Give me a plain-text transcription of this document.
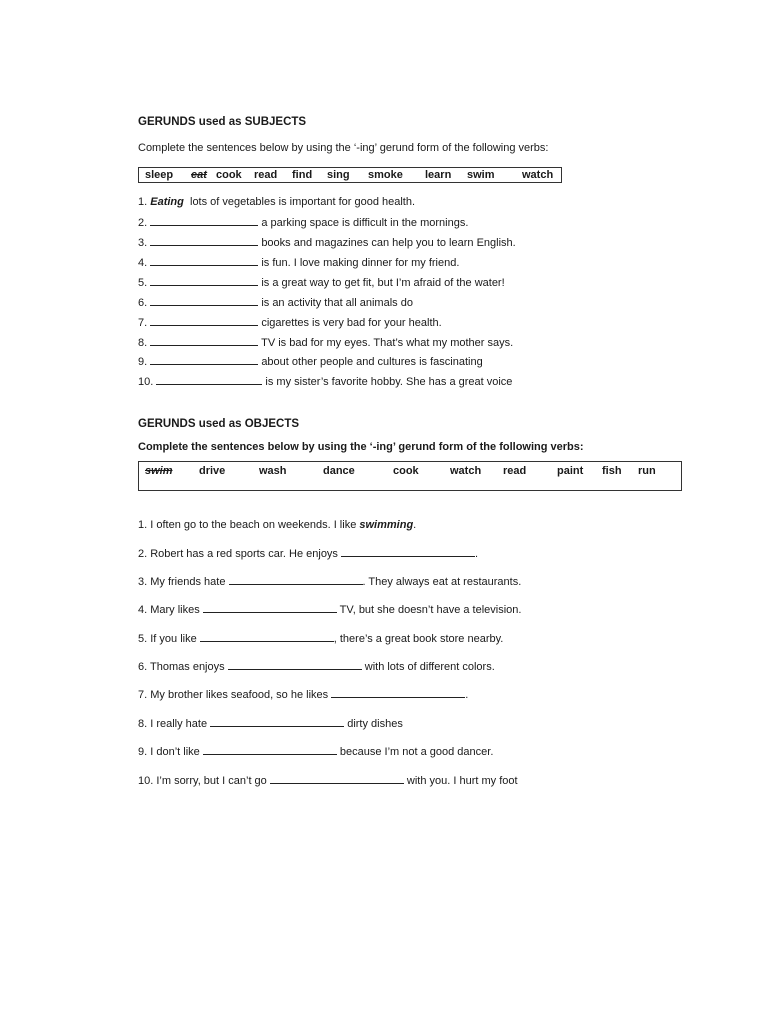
GERUNDS used as SUBJECTS
Complete the sentences below by using the ‘-ing’ gerund form of the following verbs:
sleep eat cook read find sing smoke learn swim watch
1. Eating lots of vegetables is important for good health.
2.	a parking space is difficult in the mornings.
3.	books and magazines can help you to learn English.
4.	is fun. I love making dinner for my friend.
5.	is a great way to get fit, but I’m afraid of the water!
6.	is an activity that all animals do
7.	cigarettes is very bad for your health.
8.	TV is bad for my eyes. That’s what my mother says.
9.	about other people and cultures is fascinating
10.	is my sister’s favorite hobby. She has a great voice
GERUNDS used as OBJECTS
Complete the sentences below by using the ‘-ing’ gerund form of the following verbs:
swim drive	wash	dance	cook	watch read	paint fish run
1. I often go to the beach on weekends. I like swimming.
2. Robert has a red sports car. He enjoys	.
3. My friends hate	. They always eat at restaurants.
4. Mary likes	TV, but she doesn’t have a television.
5. If you like	, there’s a great book store nearby.
6. Thomas enjoys	with lots of different colors.
7. My brother likes seafood, so he likes	.
8. I really hate	dirty dishes
9. I don’t like	because I’m not a good dancer.
10. I’m sorry, but I can’t go	with you. I hurt my foot
